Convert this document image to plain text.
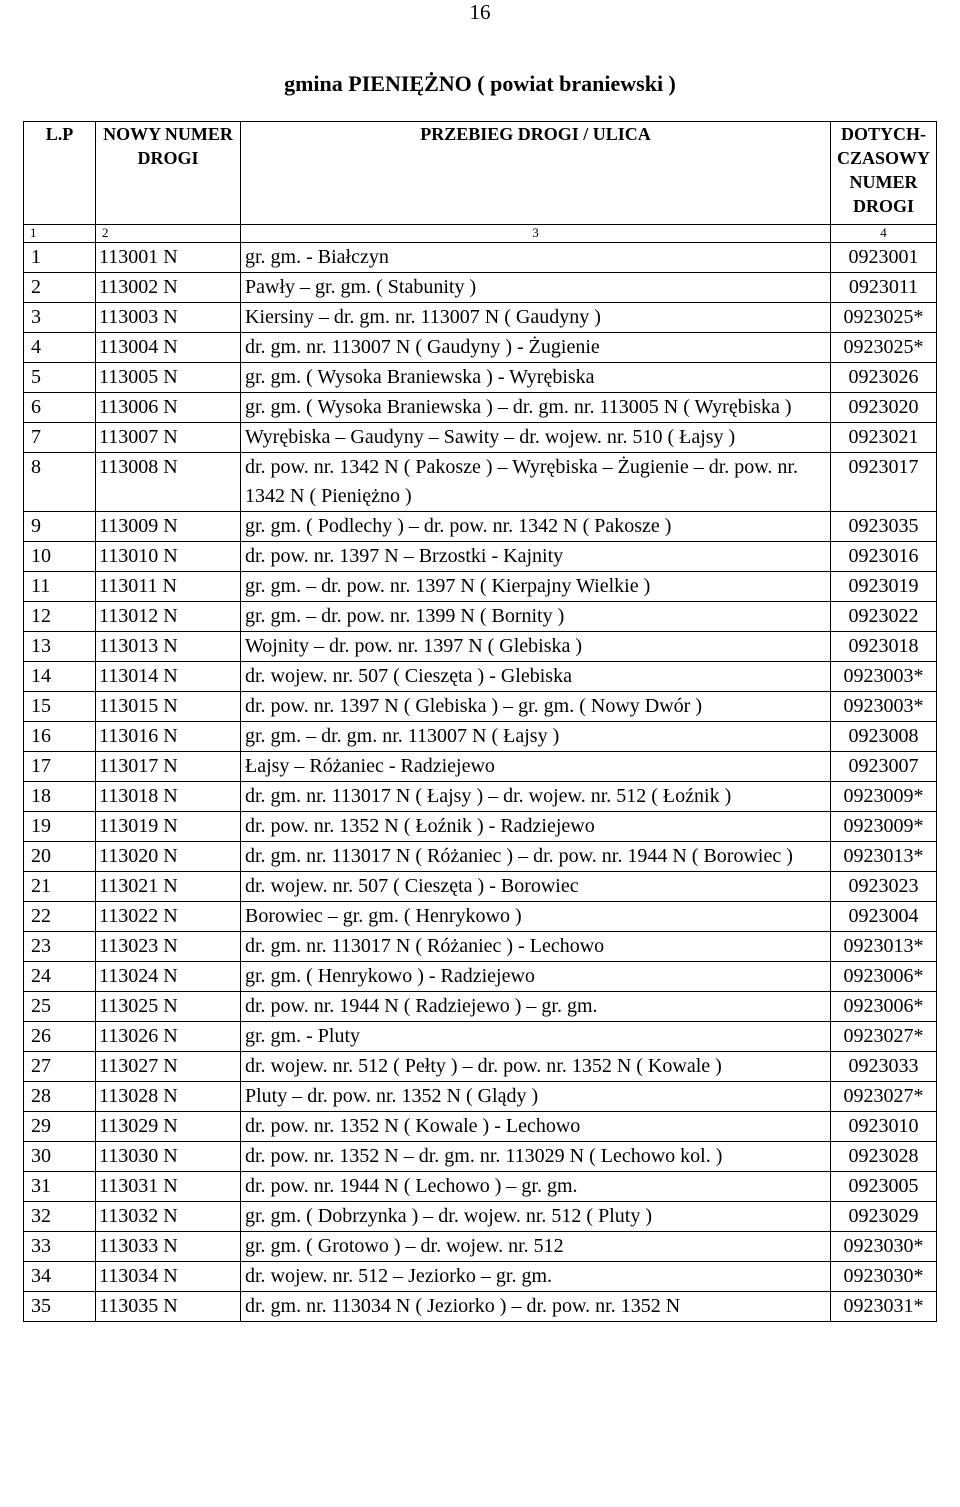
16
gmina PIENIĘŻNO ( powiat braniewski )
L.P	NOWY NUMER DROGI	PRZEBIEG DROGI / ULICA	DOTYCH-CZASOWY NUMER DROGI
1	2	3	4
1	113001 N	gr. gm. - Białczyn	0923001
2	113002 N	Pawły – gr. gm. ( Stabunity )	0923011
3	113003 N	Kiersiny – dr. gm. nr. 113007 N ( Gaudyny )	0923025*
4	113004 N	dr. gm. nr. 113007 N ( Gaudyny ) - Żugienie	0923025*
5	113005 N	gr. gm. ( Wysoka Braniewska ) - Wyrębiska	0923026
6	113006 N	gr. gm. ( Wysoka Braniewska ) – dr. gm. nr. 113005 N ( Wyrębiska )	0923020
7	113007 N	Wyrębiska – Gaudyny – Sawity – dr. wojew. nr. 510 ( Łajsy )	0923021
8	113008 N	dr. pow. nr. 1342 N ( Pakosze ) – Wyrębiska – Żugienie – dr. pow. nr. 1342 N ( Pieniężno )	0923017
9	113009 N	gr. gm. ( Podlechy ) – dr. pow. nr. 1342 N ( Pakosze )	0923035
10	113010 N	dr. pow. nr. 1397 N – Brzostki - Kajnity	0923016
11	113011 N	gr. gm. – dr. pow. nr. 1397 N ( Kierpajny Wielkie )	0923019
12	113012 N	gr. gm. – dr. pow. nr. 1399 N ( Bornity )	0923022
13	113013 N	Wojnity – dr. pow. nr. 1397 N ( Glebiska )	0923018
14	113014 N	dr. wojew. nr. 507 ( Cieszęta ) - Glebiska	0923003*
15	113015 N	dr. pow. nr. 1397 N ( Glebiska ) – gr. gm. ( Nowy Dwór )	0923003*
16	113016 N	gr. gm. – dr. gm. nr. 113007 N ( Łajsy )	0923008
17	113017 N	Łajsy – Różaniec - Radziejewo	0923007
18	113018 N	dr. gm. nr. 113017 N ( Łajsy ) – dr. wojew. nr. 512 ( Łoźnik )	0923009*
19	113019 N	dr. pow. nr. 1352 N ( Łoźnik ) - Radziejewo	0923009*
20	113020 N	dr. gm. nr. 113017 N ( Różaniec ) – dr. pow. nr. 1944 N ( Borowiec )	0923013*
21	113021 N	dr. wojew. nr. 507 ( Cieszęta ) - Borowiec	0923023
22	113022 N	Borowiec – gr. gm. ( Henrykowo )	0923004
23	113023 N	dr. gm. nr. 113017 N ( Różaniec ) - Lechowo	0923013*
24	113024 N	gr. gm. ( Henrykowo ) - Radziejewo	0923006*
25	113025 N	dr. pow. nr. 1944 N ( Radziejewo ) – gr. gm.	0923006*
26	113026 N	gr. gm. - Pluty	0923027*
27	113027 N	dr. wojew. nr. 512 ( Pełty ) – dr. pow. nr. 1352 N ( Kowale )	0923033
28	113028 N	Pluty – dr. pow. nr. 1352 N ( Glądy )	0923027*
29	113029 N	dr. pow. nr. 1352 N ( Kowale ) - Lechowo	0923010
30	113030 N	dr. pow. nr. 1352 N – dr. gm. nr. 113029 N ( Lechowo kol. )	0923028
31	113031 N	dr. pow. nr. 1944 N ( Lechowo ) – gr. gm.	0923005
32	113032 N	gr. gm. ( Dobrzynka ) – dr. wojew. nr. 512 ( Pluty )	0923029
33	113033 N	gr. gm. ( Grotowo ) – dr. wojew. nr. 512	0923030*
34	113034 N	dr. wojew. nr. 512 – Jeziorko – gr. gm.	0923030*
35	113035 N	dr. gm. nr. 113034 N ( Jeziorko ) – dr. pow. nr. 1352 N	0923031*
